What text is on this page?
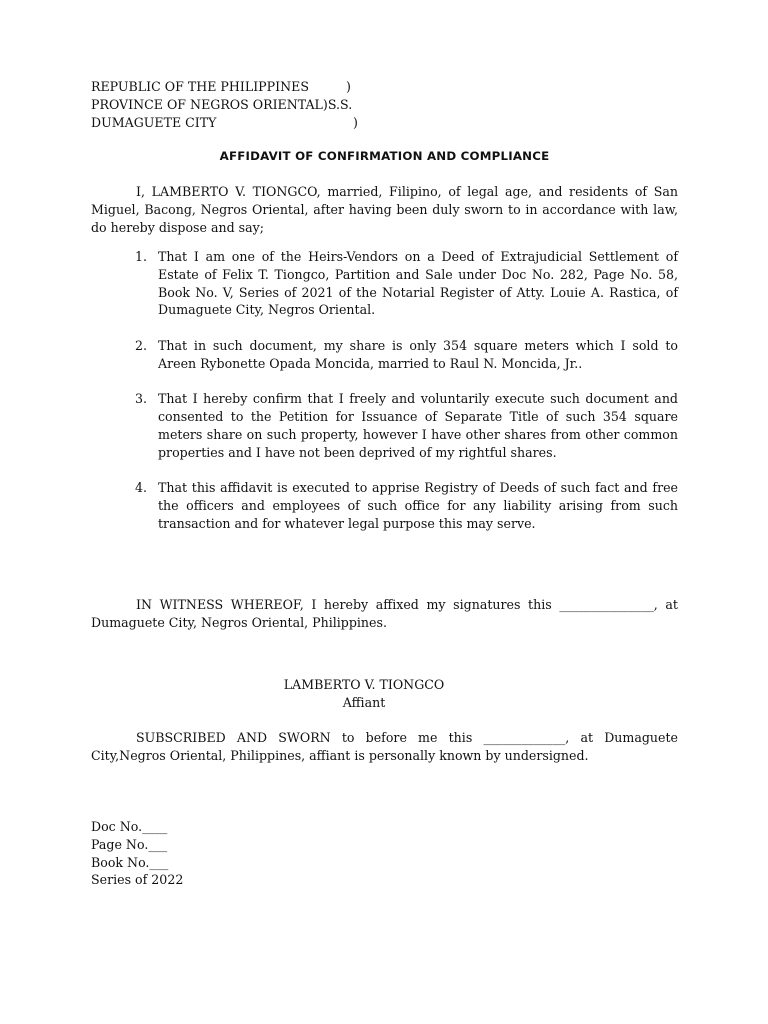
REPUBLIC OF THE PHILIPPINES	)
PROVINCE OF NEGROS ORIENTAL)S.S.
DUMAGUETE CITY	)
AFFIDAVIT OF CONFIRMATION AND COMPLIANCE
I, LAMBERTO V. TIONGCO, married, Filipino, of legal age, and residents of San Miguel, Bacong, Negros Oriental, after having been duly sworn to in accordance with law, do hereby dispose and say;
1. That I am one of the Heirs-Vendors on a Deed of Extrajudicial Settlement of Estate of Felix T. Tiongco, Partition and Sale under Doc No. 282, Page No. 58, Book No. V, Series of 2021 of the Notarial Register of Atty. Louie A. Rastica, of Dumaguete City, Negros Oriental.
2. That in such document, my share is only 354 square meters which I sold to Areen Rybonette Opada Moncida, married to Raul N. Moncida, Jr..
3. That I hereby confirm that I freely and voluntarily execute such document and consented to the Petition for Issuance of Separate Title of such 354 square meters share on such property, however I have other shares from other common properties and I have not been deprived of my rightful shares.
4. That this affidavit is executed to apprise Registry of Deeds of such fact and free the officers and employees of such office for any liability arising from such transaction and for whatever legal purpose this may serve.
IN WITNESS WHEREOF, I hereby affixed my signatures this _______________, at Dumaguete City, Negros Oriental, Philippines.
LAMBERTO V. TIONGCO
Affiant
SUBSCRIBED AND SWORN to before me this _____________, at Dumaguete City,Negros Oriental, Philippines, affiant is personally known by undersigned.
Doc No.____
Page No.___
Book No.___
Series of 2022
